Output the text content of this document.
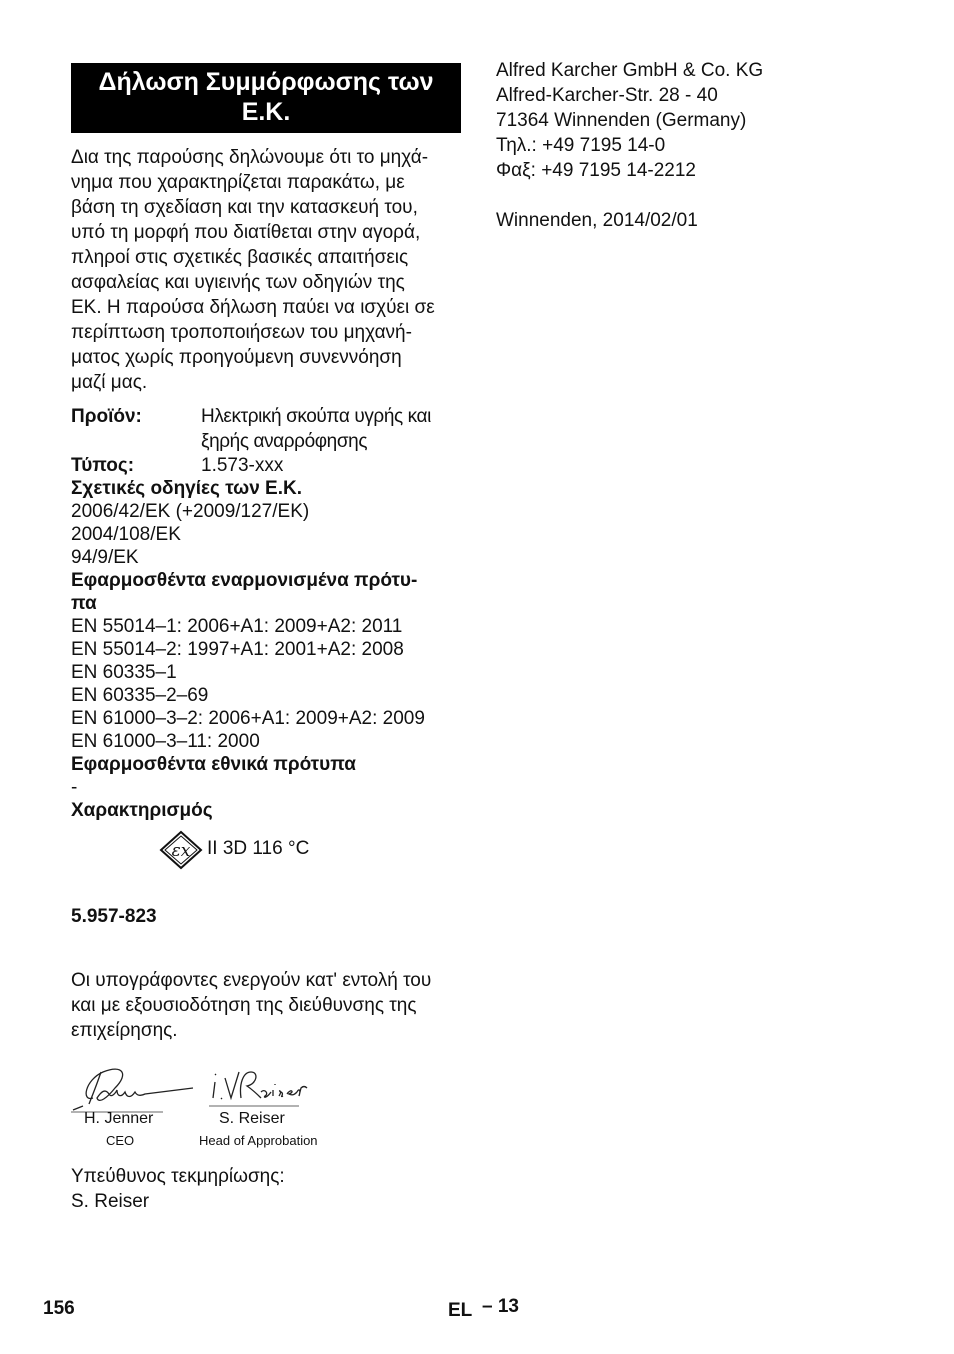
Δήλωση Συμμόρφωσης των
Ε.Κ.
Δια της παρούσης δηλώνουμε ότι το μηχά-
νημα που χαρακτηρίζεται παρακάτω, με
βάση τη σχεδίαση και την κατασκευή του,
υπό τη μορφή που διατίθεται στην αγορά,
πληροί στις σχετικές βασικές απαιτήσεις
ασφαλείας και υγιεινής των οδηγιών της
ΕΚ. Η παρούσα δήλωση παύει να ισχύει σε
περίπτωση τροποποιήσεων του μηχανή-
ματος χωρίς προηγούμενη συνεννόηση
μαζί μας.
Προϊόν:	Ηλεκτρική σκούπα υγρής και
ξηρής αναρρόφησης
Τύπος:	1.573-xxx
Σχετικές οδηγίες των Ε.Κ.
2006/42/ΕΚ (+2009/127/ΕΚ)
2004/108/ΕΚ
94/9/ΕΚ
Εφαρμοσθέντα εναρμονισμένα πρότυ-
πα
EN 55014–1: 2006+A1: 2009+A2: 2011
EN 55014–2: 1997+A1: 2001+A2: 2008
EN 60335–1
EN 60335–2–69
EN 61000–3–2: 2006+A1: 2009+A2: 2009
EN 61000–3–11: 2000
Εφαρμοσθέντα εθνικά πρότυπα
-
Χαρακτηρισμός
εx II 3D 116 °C
5.957-823
Οι υπογράφοντες ενεργούν κατ' εντολή του
και με εξουσιοδότηση της διεύθυνσης της
επιχείρησης.
H. Jenner
CEO
S. Reiser
Head of Approbation
Υπεύθυνος τεκμηρίωσης:
S. Reiser
Alfred Karcher GmbH & Co. KG
Alfred-Karcher-Str. 28 - 40
71364 Winnenden (Germany)
Τηλ.: +49 7195 14-0
Φαξ: +49 7195 14-2212
Winnenden, 2014/02/01
156	EL – 13
